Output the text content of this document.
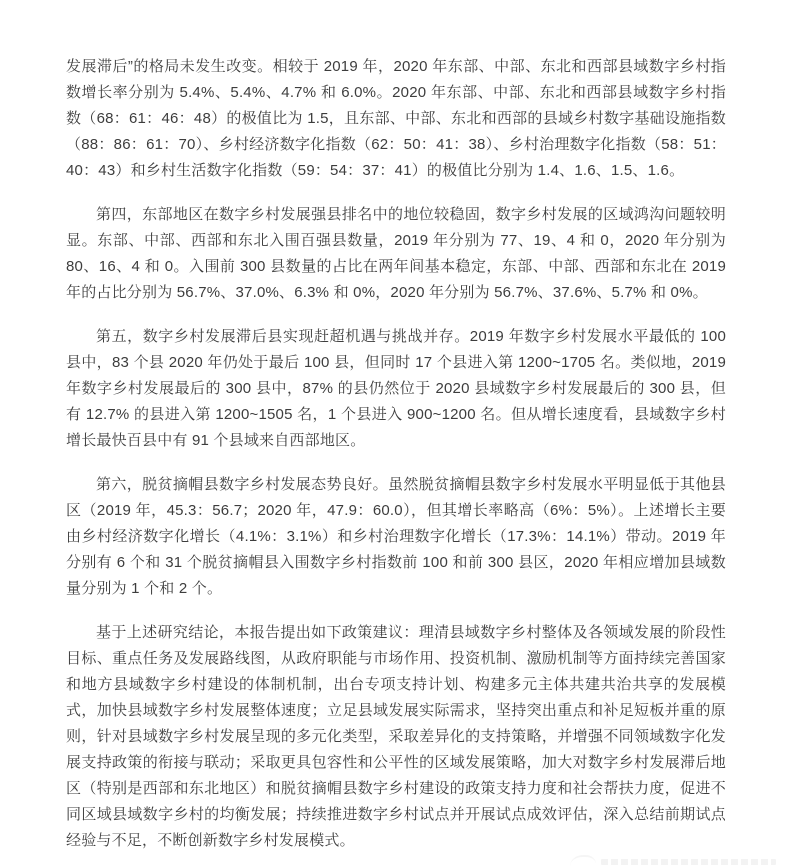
发展滞后”的格局未发生改变。相较于 2019 年，2020 年东部、中部、东北和西部县域数字乡村指数增长率分别为 5.4%、5.4%、4.7% 和 6.0%。2020 年东部、中部、东北和西部县域数字乡村指数（68：61：46：48）的极值比为 1.5，且东部、中部、东北和西部的县域乡村数字基础设施指数（88：86：61：70）、乡村经济数字化指数（62：50：41：38）、乡村治理数字化指数（58：51：40：43）和乡村生活数字化指数（59：54：37：41）的极值比分别为 1.4、1.6、1.5、1.6。

第四，东部地区在数字乡村发展强县排名中的地位较稳固，数字乡村发展的区域鸿沟问题较明显。东部、中部、西部和东北入围百强县数量，2019 年分别为 77、19、4 和 0，2020 年分别为 80、16、4 和 0。入围前 300 县数量的占比在两年间基本稳定，东部、中部、西部和东北在 2019 年的占比分别为 56.7%、37.0%、6.3% 和 0%，2020 年分别为 56.7%、37.6%、5.7% 和 0%。

第五，数字乡村发展滞后县实现赶超机遇与挑战并存。2019 年数字乡村发展水平最低的 100 县中，83 个县 2020 年仍处于最后 100 县，但同时 17 个县进入第 1200~1705 名。类似地，2019 年数字乡村发展最后的 300 县中，87% 的县仍然位于 2020 县域数字乡村发展最后的 300 县，但有 12.7% 的县进入第 1200~1505 名，1 个县进入 900~1200 名。但从增长速度看，县域数字乡村增长最快百县中有 91 个县域来自西部地区。

第六，脱贫摘帽县数字乡村发展态势良好。虽然脱贫摘帽县数字乡村发展水平明显低于其他县区（2019 年，45.3：56.7；2020 年，47.9：60.0），但其增长率略高（6%：5%）。上述增长主要由乡村经济数字化增长（4.1%：3.1%）和乡村治理数字化增长（17.3%：14.1%）带动。2019 年分别有 6 个和 31 个脱贫摘帽县入围数字乡村指数前 100 和前 300 县区，2020 年相应增加县域数量分别为 1 个和 2 个。

基于上述研究结论，本报告提出如下政策建议：理清县域数字乡村整体及各领域发展的阶段性目标、重点任务及发展路线图，从政府职能与市场作用、投资机制、激励机制等方面持续完善国家和地方县域数字乡村建设的体制机制，出台专项支持计划、构建多元主体共建共治共享的发展模式，加快县域数字乡村发展整体速度；立足县域发展实际需求，坚持突出重点和补足短板并重的原则，针对县域数字乡村发展呈现的多元化类型，采取差异化的支持策略，并增强不同领域数字化发展支持政策的衔接与联动；采取更具包容性和公平性的区域发展策略，加大对数字乡村发展滞后地区（特别是西部和东北地区）和脱贫摘帽县数字乡村建设的政策支持力度和社会帮扶力度，促进不同区域县域数字乡村的均衡发展；持续推进数字乡村试点并开展试点成效评估，深入总结前期试点经验与不足，不断创新数字乡村发展模式。
